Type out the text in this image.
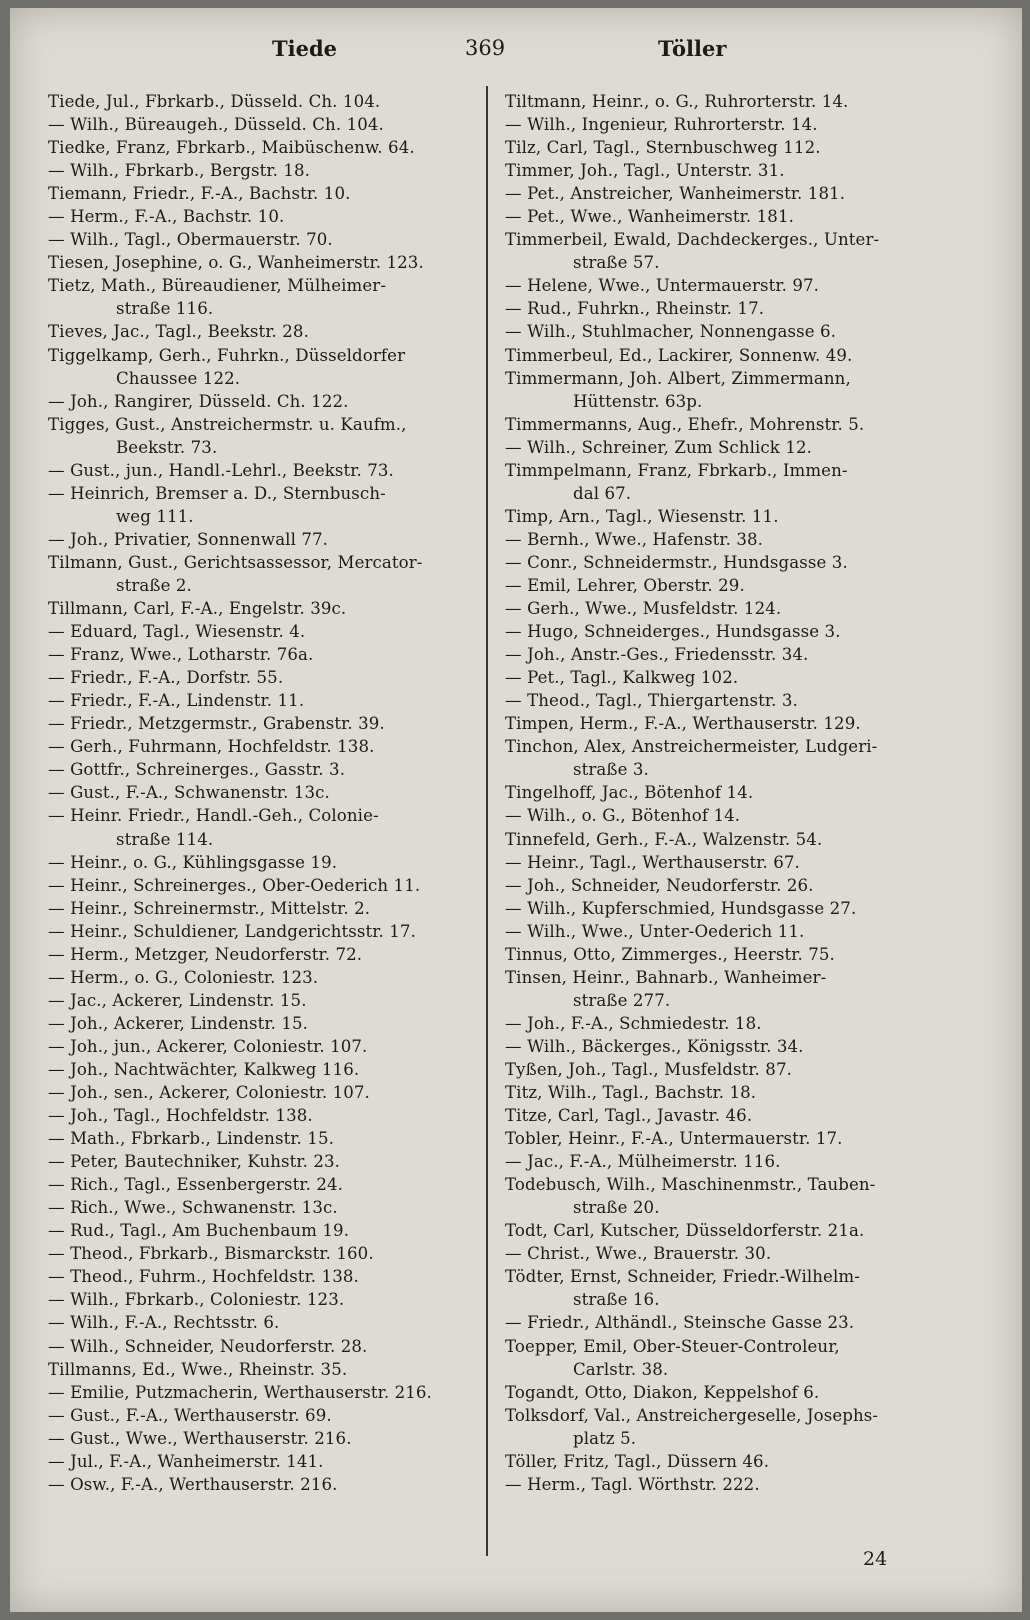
Tiede	369	Töller
Tiede, Jul., Fbrkarb., Düsseld. Ch. 104.
— Wilh., Büreaugeh., Düsseld. Ch. 104.
Tiedke, Franz, Fbrkarb., Maibüschenw. 64.
— Wilh., Fbrkarb., Bergstr. 18.
Tiemann, Friedr., F.-A., Bachstr. 10.
— Herm., F.-A., Bachstr. 10.
— Wilh., Tagl., Obermauerstr. 70.
Tiesen, Josephine, o. G., Wanheimerstr. 123.
Tietz, Math., Büreaudiener, Mülheimer-
straße 116.
Tieves, Jac., Tagl., Beekstr. 28.
Tiggelkamp, Gerh., Fuhrkn., Düsseldorfer
Chaussee 122.
— Joh., Rangirer, Düsseld. Ch. 122.
Tigges, Gust., Anstreichermstr. u. Kaufm.,
Beekstr. 73.
— Gust., jun., Handl.-Lehrl., Beekstr. 73.
— Heinrich, Bremser a. D., Sternbusch-
weg 111.
— Joh., Privatier, Sonnenwall 77.
Tilmann, Gust., Gerichtsassessor, Mercator-
straße 2.
Tillmann, Carl, F.-A., Engelstr. 39c.
— Eduard, Tagl., Wiesenstr. 4.
— Franz, Wwe., Lotharstr. 76a.
— Friedr., F.-A., Dorfstr. 55.
— Friedr., F.-A., Lindenstr. 11.
— Friedr., Metzgermstr., Grabenstr. 39.
— Gerh., Fuhrmann, Hochfeldstr. 138.
— Gottfr., Schreinerges., Gasstr. 3.
— Gust., F.-A., Schwanenstr. 13c.
— Heinr. Friedr., Handl.-Geh., Colonie-
straße 114.
— Heinr., o. G., Kühlingsgasse 19.
— Heinr., Schreinerges., Ober-Oederich 11.
— Heinr., Schreinermstr., Mittelstr. 2.
— Heinr., Schuldiener, Landgerichtsstr. 17.
— Herm., Metzger, Neudorferstr. 72.
— Herm., o. G., Coloniestr. 123.
— Jac., Ackerer, Lindenstr. 15.
— Joh., Ackerer, Lindenstr. 15.
— Joh., jun., Ackerer, Coloniestr. 107.
— Joh., Nachtwächter, Kalkweg 116.
— Joh., sen., Ackerer, Coloniestr. 107.
— Joh., Tagl., Hochfeldstr. 138.
— Math., Fbrkarb., Lindenstr. 15.
— Peter, Bautechniker, Kuhstr. 23.
— Rich., Tagl., Essenbergerstr. 24.
— Rich., Wwe., Schwanenstr. 13c.
— Rud., Tagl., Am Buchenbaum 19.
— Theod., Fbrkarb., Bismarckstr. 160.
— Theod., Fuhrm., Hochfeldstr. 138.
— Wilh., Fbrkarb., Coloniestr. 123.
— Wilh., F.-A., Rechtsstr. 6.
— Wilh., Schneider, Neudorferstr. 28.
Tillmanns, Ed., Wwe., Rheinstr. 35.
— Emilie, Putzmacherin, Werthauserstr. 216.
— Gust., F.-A., Werthauserstr. 69.
— Gust., Wwe., Werthauserstr. 216.
— Jul., F.-A., Wanheimerstr. 141.
— Osw., F.-A., Werthauserstr. 216.
Tiltmann, Heinr., o. G., Ruhrorterstr. 14.
— Wilh., Ingenieur, Ruhrorterstr. 14.
Tilz, Carl, Tagl., Sternbuschweg 112.
Timmer, Joh., Tagl., Unterstr. 31.
— Pet., Anstreicher, Wanheimerstr. 181.
— Pet., Wwe., Wanheimerstr. 181.
Timmerbeil, Ewald, Dachdeckerges., Unter-
straße 57.
— Helene, Wwe., Untermauerstr. 97.
— Rud., Fuhrkn., Rheinstr. 17.
— Wilh., Stuhlmacher, Nonnengasse 6.
Timmerbeul, Ed., Lackirer, Sonnenw. 49.
Timmermann, Joh. Albert, Zimmermann,
Hüttenstr. 63p.
Timmermanns, Aug., Ehefr., Mohrenstr. 5.
— Wilh., Schreiner, Zum Schlick 12.
Timmpelmann, Franz, Fbrkarb., Immen-
dal 67.
Timp, Arn., Tagl., Wiesenstr. 11.
— Bernh., Wwe., Hafenstr. 38.
— Conr., Schneidermstr., Hundsgasse 3.
— Emil, Lehrer, Oberstr. 29.
— Gerh., Wwe., Musfeldstr. 124.
— Hugo, Schneiderges., Hundsgasse 3.
— Joh., Anstr.-Ges., Friedensstr. 34.
— Pet., Tagl., Kalkweg 102.
— Theod., Tagl., Thiergartenstr. 3.
Timpen, Herm., F.-A., Werthauserstr. 129.
Tinchon, Alex, Anstreichermeister, Ludgeri-
straße 3.
Tingelhoff, Jac., Bötenhof 14.
— Wilh., o. G., Bötenhof 14.
Tinnefeld, Gerh., F.-A., Walzenstr. 54.
— Heinr., Tagl., Werthauserstr. 67.
— Joh., Schneider, Neudorferstr. 26.
— Wilh., Kupferschmied, Hundsgasse 27.
— Wilh., Wwe., Unter-Oederich 11.
Tinnus, Otto, Zimmerges., Heerstr. 75.
Tinsen, Heinr., Bahnarb., Wanheimer-
straße 277.
— Joh., F.-A., Schmiedestr. 18.
— Wilh., Bäckerges., Königsstr. 34.
Tyßen, Joh., Tagl., Musfeldstr. 87.
Titz, Wilh., Tagl., Bachstr. 18.
Titze, Carl, Tagl., Javastr. 46.
Tobler, Heinr., F.-A., Untermauerstr. 17.
— Jac., F.-A., Mülheimerstr. 116.
Todebusch, Wilh., Maschinenmstr., Tauben-
straße 20.
Todt, Carl, Kutscher, Düsseldorferstr. 21a.
— Christ., Wwe., Brauerstr. 30.
Tödter, Ernst, Schneider, Friedr.-Wilhelm-
straße 16.
— Friedr., Althändl., Steinsche Gasse 23.
Toepper, Emil, Ober-Steuer-Controleur,
Carlstr. 38.
Togandt, Otto, Diakon, Keppelshof 6.
Tolksdorf, Val., Anstreichergeselle, Josephs-
platz 5.
Töller, Fritz, Tagl., Düssern 46.
— Herm., Tagl. Wörthstr. 222.
24
